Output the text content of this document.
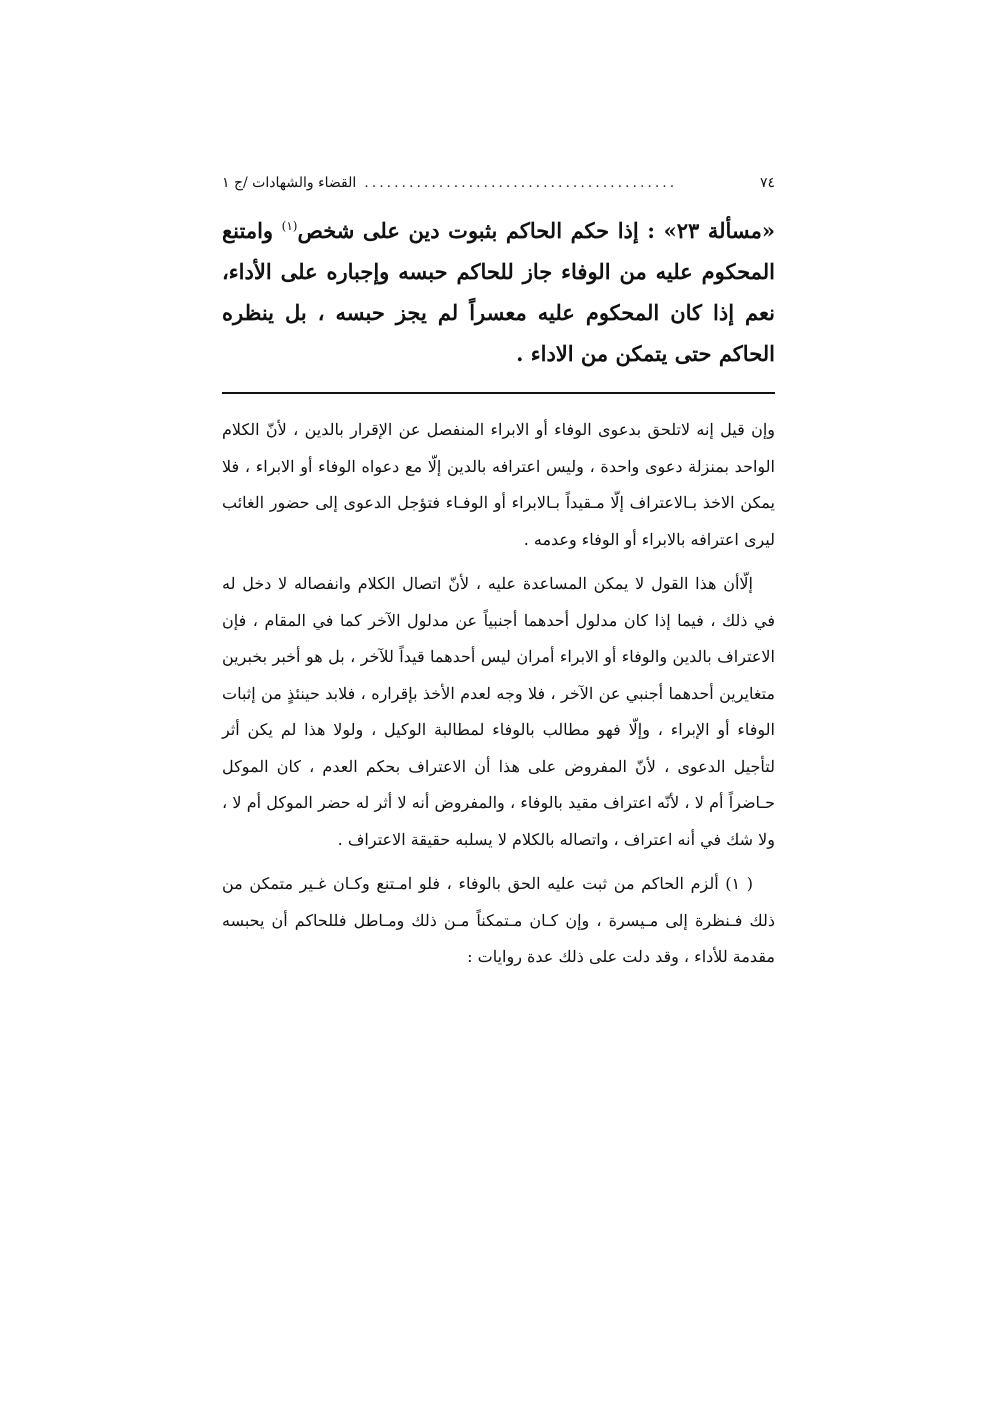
٧٤
..........................................
القضاء والشهادات /ج ١
«مسألة ٢٣» : إذا حكم الحاكم بثبوت دين على شخص$^{(١)}$ وامتنع المحكوم عليه من الوفاء جاز للحاكم حبسه وإجباره على الأداء، نعم إذا كان المحكوم عليه معسراً لم يجز حبسه ، بل ينظره الحاكم حتى يتمكن من الاداء .

وإن قيل إنه لاتلحق بدعوى الوفاء أو الابراء المنفصل عن الإقرار بالدين ، لأنّ الكلام الواحد بمنزلة دعوى واحدة ، وليس اعترافه بالدين إلّا مع دعواه الوفاء أو الابراء ، فلا يمكن الاخذ بـالاعتراف إلّا مـقيداً بـالابراء أو الوفـاء فتؤجل الدعوى إلى حضور الغائب ليرى اعترافه بالابراء أو الوفاء وعدمه .

إلّاأن هذا القول لا يمكن المساعدة عليه ، لأنّ اتصال الكلام وانفصاله لا دخل له في ذلك ، فيما إذا كان مدلول أحدهما أجنبياً عن مدلول الآخر كما في المقام ، فإن الاعتراف بالدين والوفاء أو الابراء أمران ليس أحدهما قيداً للآخر ، بل هو أخبر بخبرين متغايرين أحدهما أجنبي عن الآخر ، فلا وجه لعدم الأخذ بإقراره ، فلابد حينئذٍ من إثبات الوفاء أو الإبراء ، وإلّا فهو مطالب بالوفاء لمطالبة الوكيل ، ولولا هذا لم يكن أثر لتأجيل الدعوى ، لأنّ المفروض على هذا أن الاعتراف بحكم العدم ، كان الموكل حـاضراً أم لا ، لأنّه اعتراف مقيد بالوفاء ، والمفروض أنه لا أثر له حضر الموكل أم لا ، ولا شك في أنه اعتراف ، واتصاله بالكلام لا يسلبه حقيقة الاعتراف .

( ١) ألزم الحاكم من ثبت عليه الحق بالوفاء ، فلو امـتنع وكـان غـير متمكن من ذلك فـنظرة إلى مـيسرة ، وإن كـان مـتمكناً مـن ذلك ومـاطل فللحاكم أن يحبسه مقدمة للأداء ، وقد دلت على ذلك عدة روايات :
